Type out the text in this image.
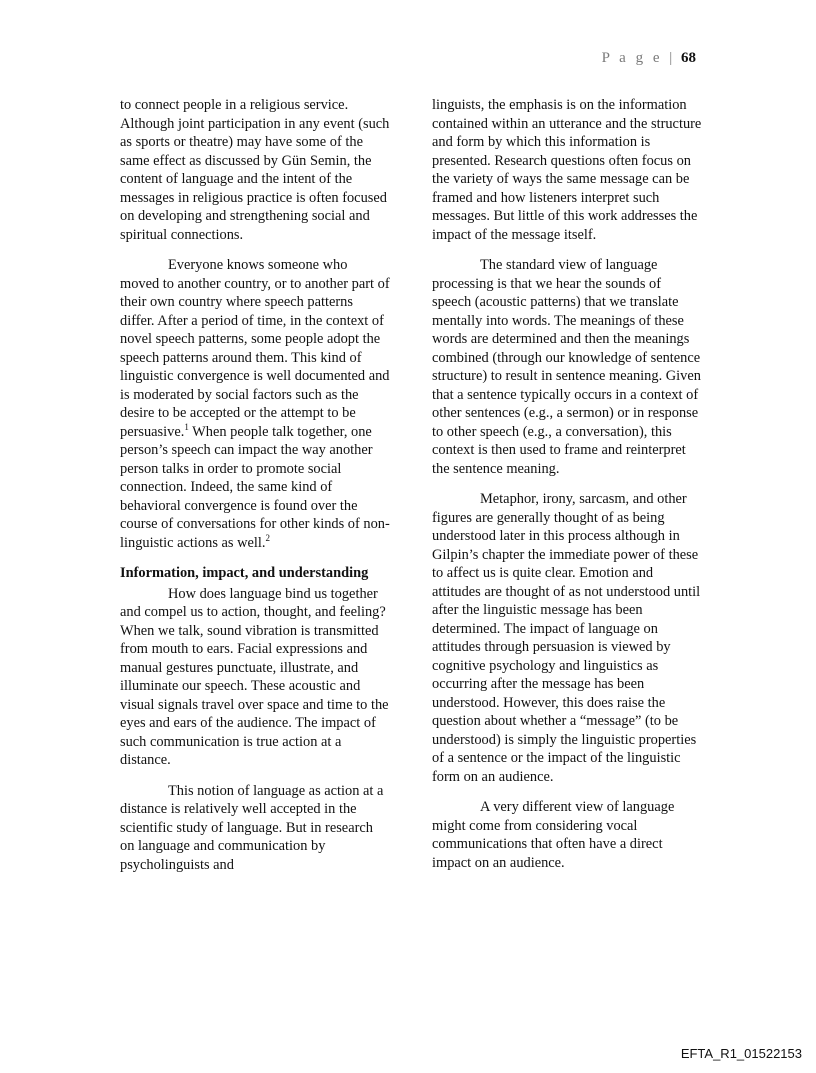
P a g e | 68

to connect people in a religious service. Although joint participation in any event (such as sports or theatre) may have some of the same effect as discussed by Gün Semin, the content of language and the intent of the messages in religious practice is often focused on developing and strengthening social and spiritual connections.

Everyone knows someone who moved to another country, or to another part of their own country where speech patterns differ. After a period of time, in the context of novel speech patterns, some people adopt the speech patterns around them. This kind of linguistic convergence is well documented and is moderated by social factors such as the desire to be accepted or the attempt to be persuasive.$^1$ When people talk together, one person’s speech can impact the way another person talks in order to promote social connection. Indeed, the same kind of behavioral convergence is found over the course of conversations for other kinds of non-linguistic actions as well.$^2$

Information, impact, and understanding

How does language bind us together and compel us to action, thought, and feeling? When we talk, sound vibration is transmitted from mouth to ears. Facial expressions and manual gestures punctuate, illustrate, and illuminate our speech. These acoustic and visual signals travel over space and time to the eyes and ears of the audience. The impact of such communication is true action at a distance.

This notion of language as action at a distance is relatively well accepted in the scientific study of language. But in research on language and communication by psycholinguists and

linguists, the emphasis is on the information contained within an utterance and the structure and form by which this information is presented. Research questions often focus on the variety of ways the same message can be framed and how listeners interpret such messages. But little of this work addresses the impact of the message itself.

The standard view of language processing is that we hear the sounds of speech (acoustic patterns) that we translate mentally into words. The meanings of these words are determined and then the meanings combined (through our knowledge of sentence structure) to result in sentence meaning. Given that a sentence typically occurs in a context of other sentences (e.g., a sermon) or in response to other speech (e.g., a conversation), this context is then used to frame and reinterpret the sentence meaning.

Metaphor, irony, sarcasm, and other figures are generally thought of as being understood later in this process although in Gilpin’s chapter the immediate power of these to affect us is quite clear. Emotion and attitudes are thought of as not understood until after the linguistic message has been determined. The impact of language on attitudes through persuasion is viewed by cognitive psychology and linguistics as occurring after the message has been understood. However, this does raise the question about whether a “message” (to be understood) is simply the linguistic properties of a sentence or the impact of the linguistic form on an audience.

A very different view of language might come from considering vocal communications that often have a direct impact on an audience.

EFTA_R1_01522153
